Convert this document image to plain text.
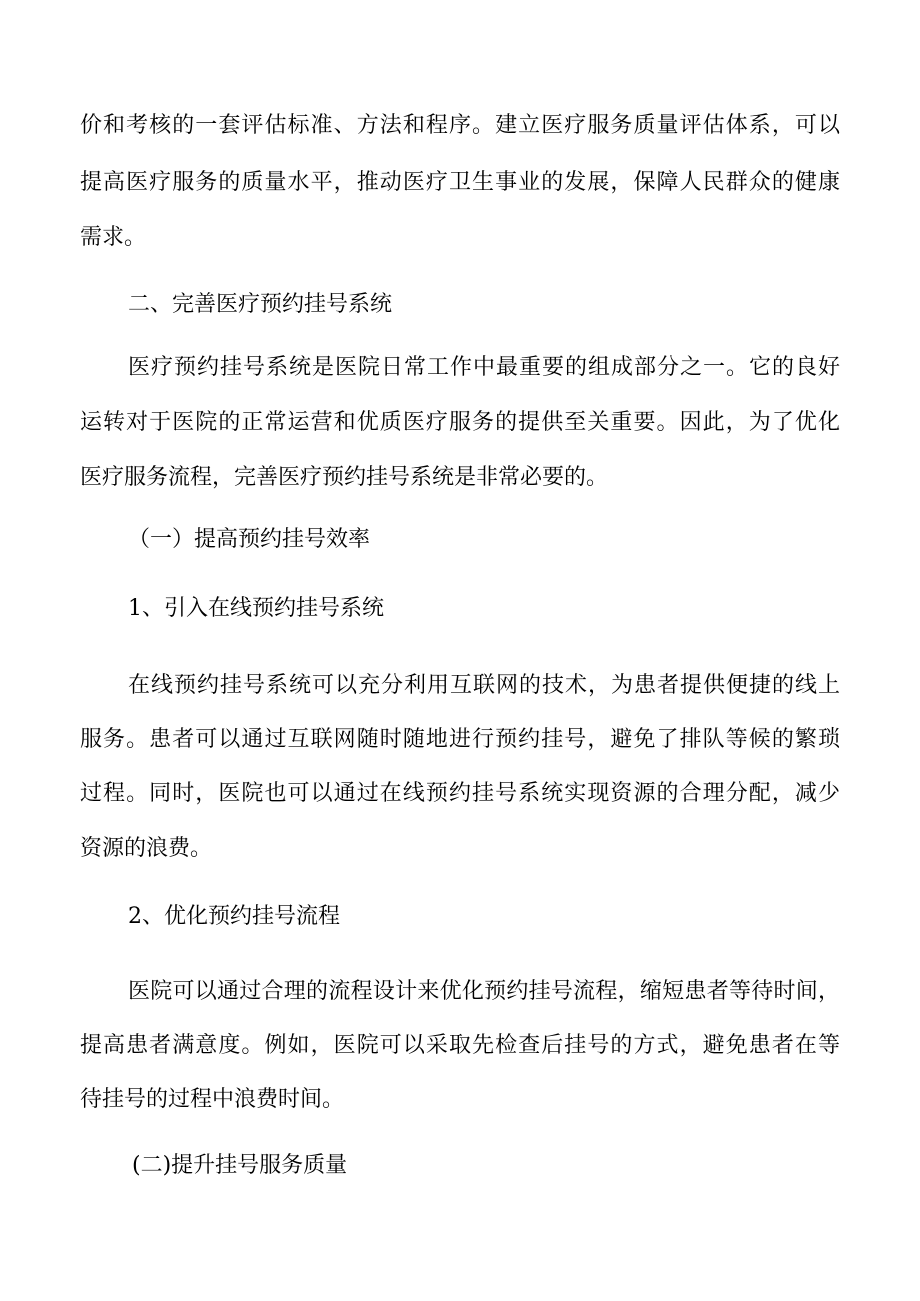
价和考核的一套评估标准、方法和程序。建立医疗服务质量评估体系，可以

提高医疗服务的质量水平，推动医疗卫生事业的发展，保障人民群众的健康

需求。

二、完善医疗预约挂号系统

医疗预约挂号系统是医院日常工作中最重要的组成部分之一。它的良好

运转对于医院的正常运营和优质医疗服务的提供至关重要。因此，为了优化

医疗服务流程，完善医疗预约挂号系统是非常必要的。

（一）提高预约挂号效率

1、引入在线预约挂号系统

在线预约挂号系统可以充分利用互联网的技术，为患者提供便捷的线上

服务。患者可以通过互联网随时随地进行预约挂号，避免了排队等候的繁琐

过程。同时，医院也可以通过在线预约挂号系统实现资源的合理分配，减少

资源的浪费。

2、优化预约挂号流程

医院可以通过合理的流程设计来优化预约挂号流程，缩短患者等待时间，

提高患者满意度。例如，医院可以采取先检查后挂号的方式，避免患者在等

待挂号的过程中浪费时间。

(二)提升挂号服务质量
